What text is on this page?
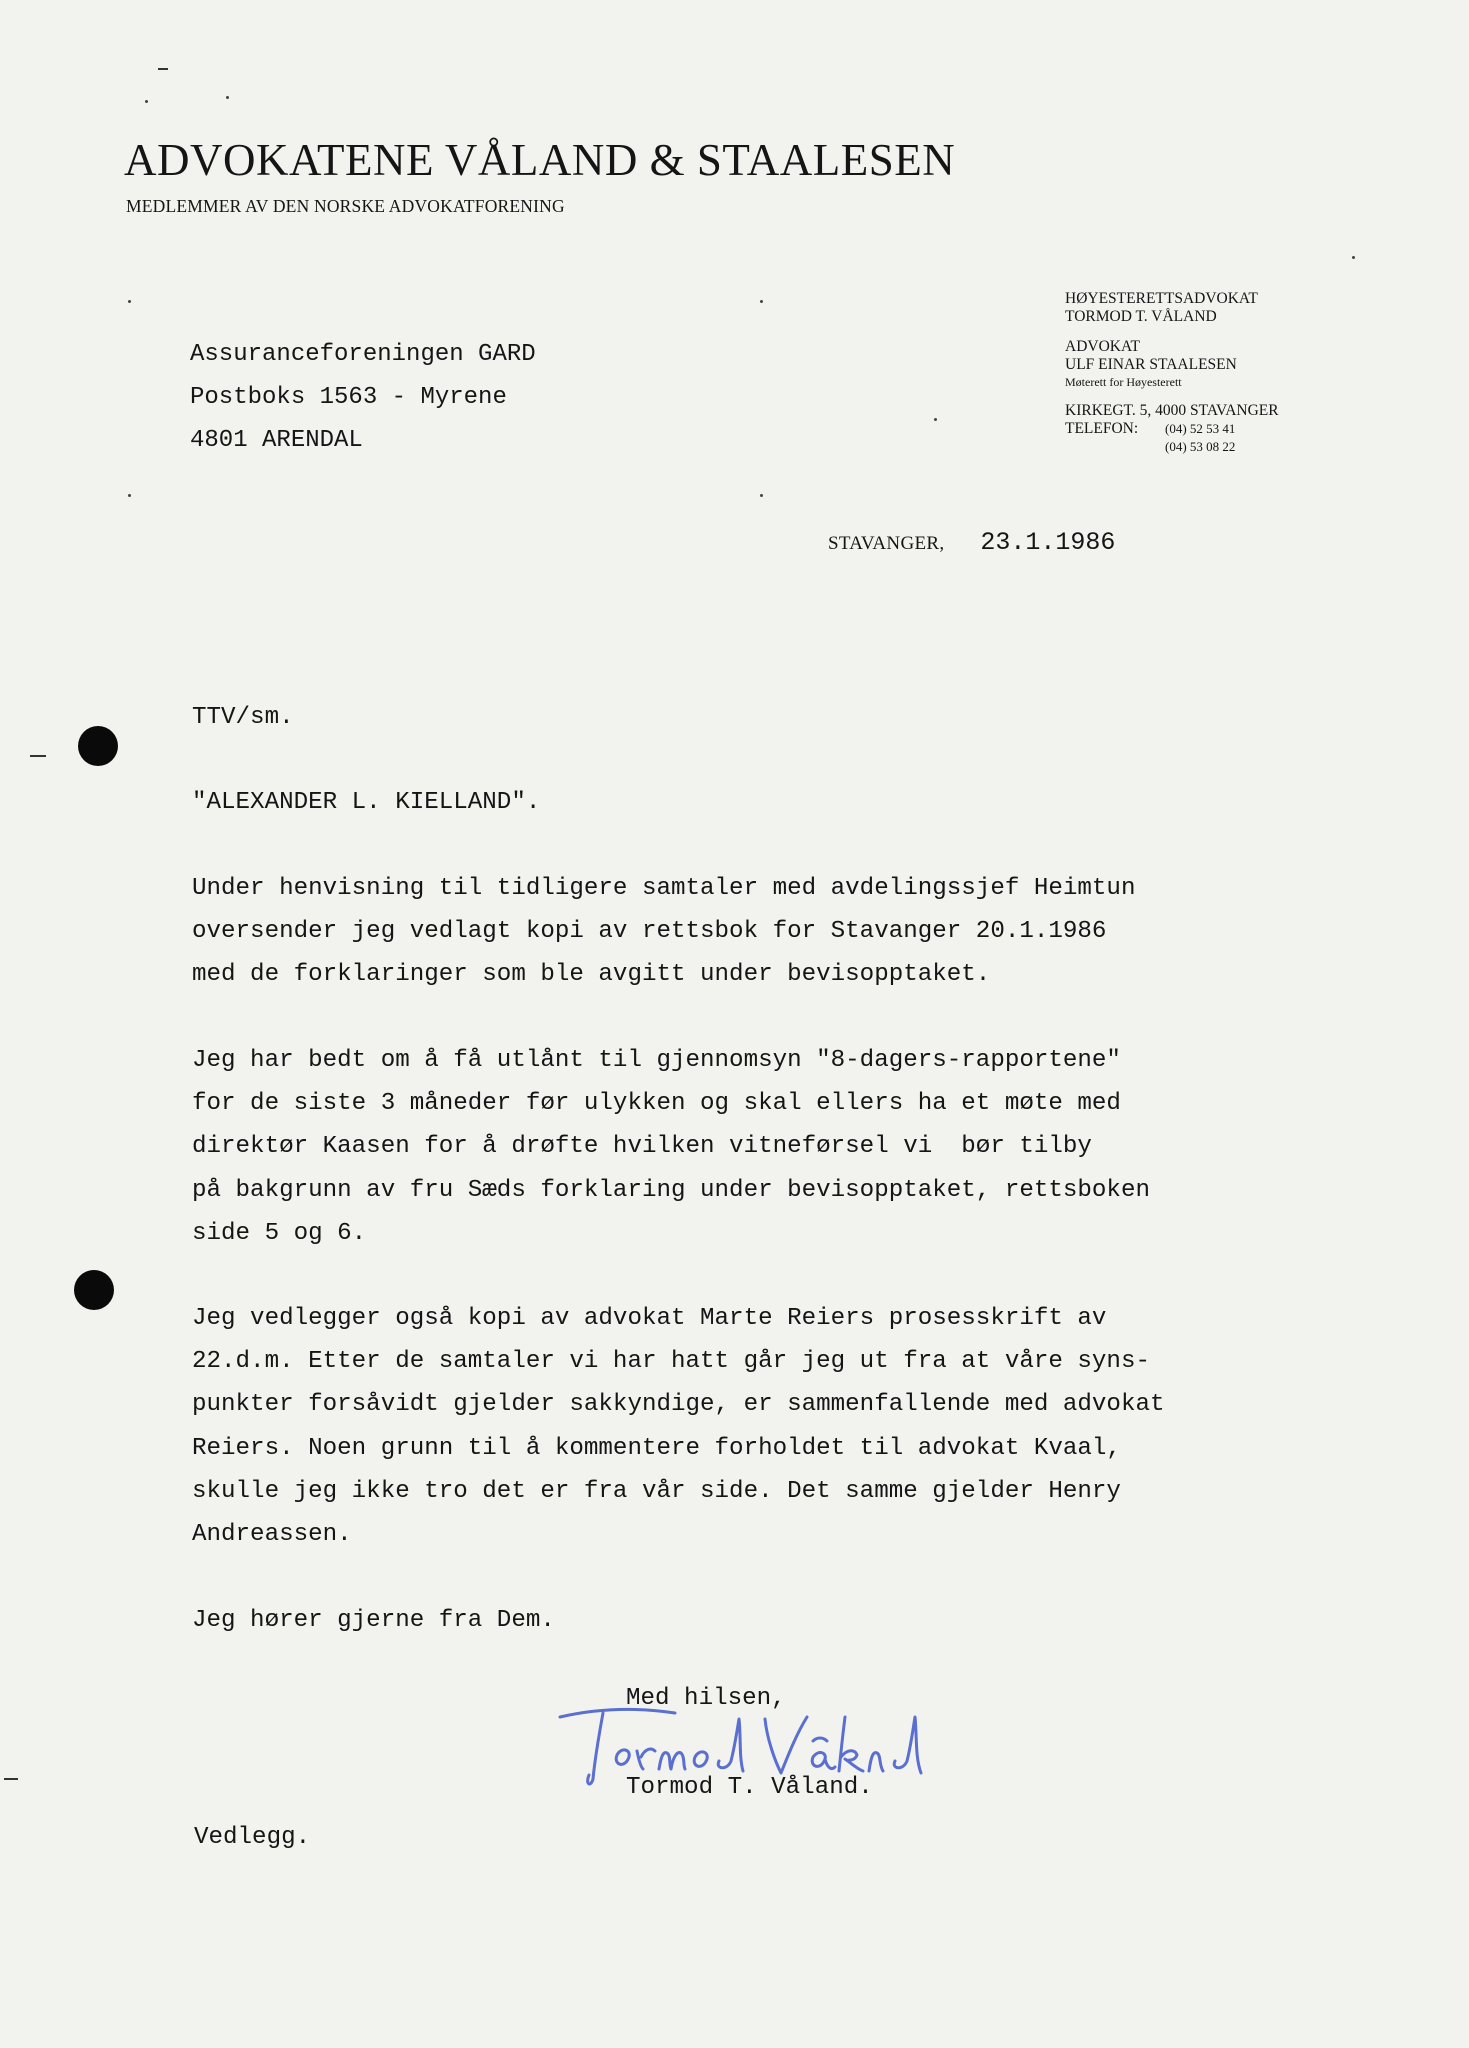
ADVOKATENE VÅLAND & STAALESEN
MEDLEMMER AV DEN NORSKE ADVOKATFORENING
HØYESTERETTSADVOKAT
TORMOD T. VÅLAND
ADVOKAT
ULF EINAR STAALESEN
Møterett for Høyesterett
KIRKEGT. 5, 4000 STAVANGER
TELEFON:	(04) 52 53 41
(04) 53 08 22
Assuranceforeningen GARD
Postboks 1563 - Myrene
4801 ARENDAL
STAVANGER, 23.1.1986
TTV/sm.
"ALEXANDER L. KIELLAND".
Under henvisning til tidligere samtaler med avdelingssjef Heimtun
oversender jeg vedlagt kopi av rettsbok for Stavanger 20.1.1986
med de forklaringer som ble avgitt under bevisopptaket.
Jeg har bedt om å få utlånt til gjennomsyn "8-dagers-rapportene"
for de siste 3 måneder før ulykken og skal ellers ha et møte med
direktør Kaasen for å drøfte hvilken vitneførsel vi  bør tilby
på bakgrunn av fru Sæds forklaring under bevisopptaket, rettsboken
side 5 og 6.
Jeg vedlegger også kopi av advokat Marte Reiers prosesskrift av
22.d.m. Etter de samtaler vi har hatt går jeg ut fra at våre syns-
punkter forsåvidt gjelder sakkyndige, er sammenfallende med advokat
Reiers. Noen grunn til å kommentere forholdet til advokat Kvaal,
skulle jeg ikke tro det er fra vår side. Det samme gjelder Henry
Andreassen.
Jeg hører gjerne fra Dem.
Med hilsen,
Tormod T. Våland.
Vedlegg.
